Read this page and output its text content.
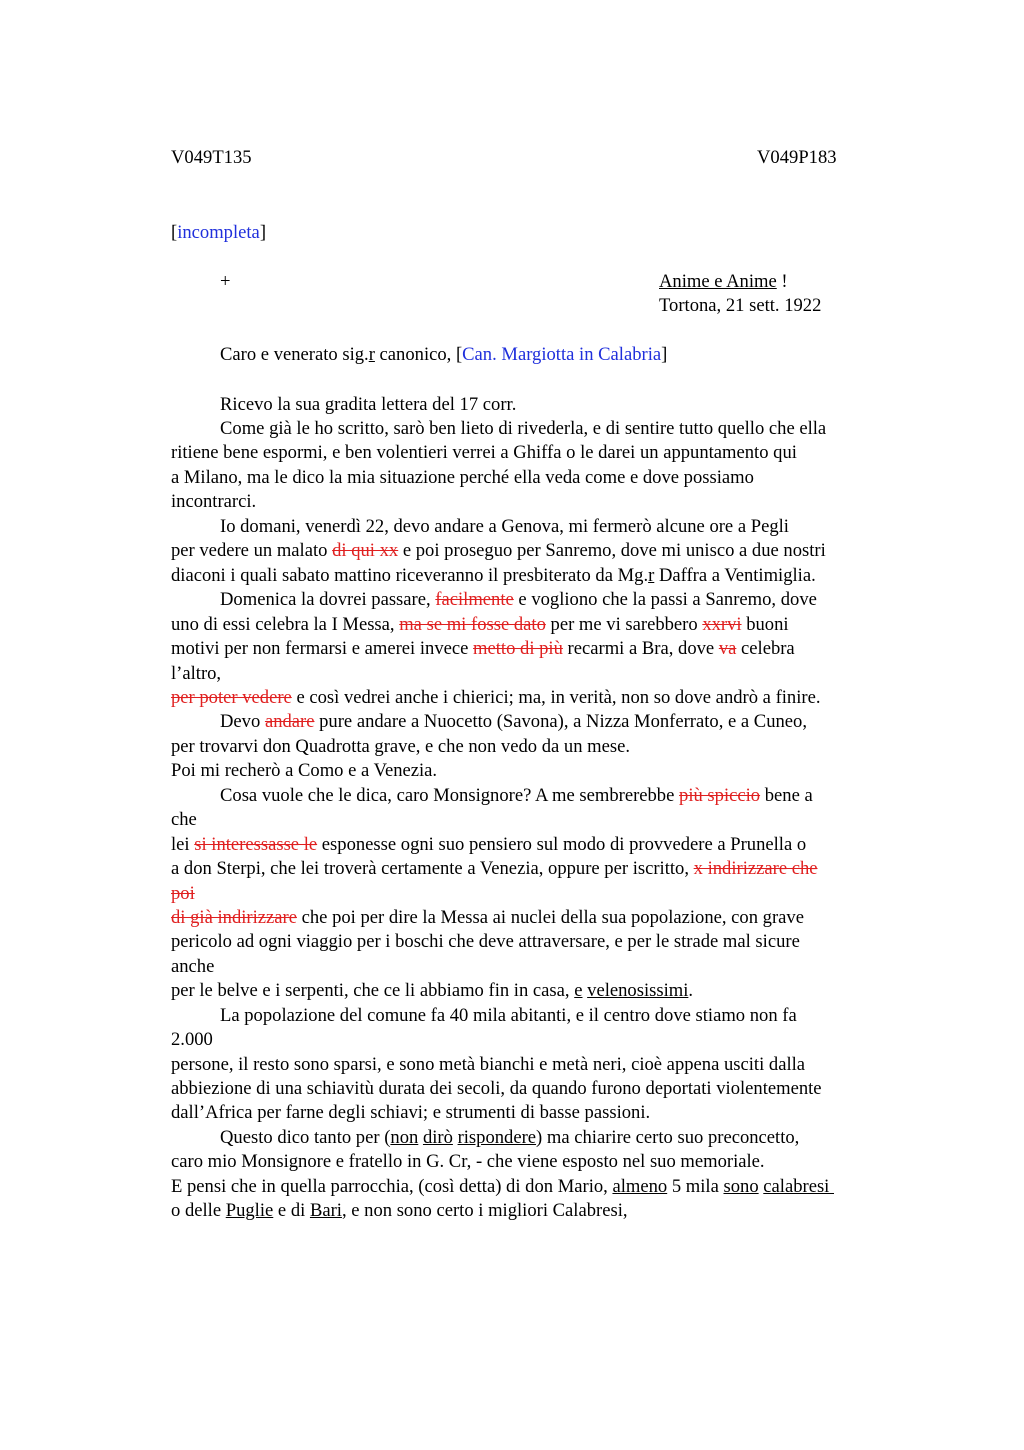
V049T135	V049P183
[incompleta]
+	Anime e Anime !
Tortona, 21 sett. 1922
Caro e venerato sig.r canonico, [Can. Margiotta in Calabria]
Ricevo la sua gradita lettera del 17 corr.
Come già le ho scritto, sarò ben lieto di rivederla, e di sentire tutto quello che ella
ritiene bene espormi, e ben volentieri verrei a Ghiffa o le darei un appuntamento qui
a Milano, ma le dico la mia situazione perché ella veda come e dove possiamo
incontrarci.
Io domani, venerdì 22, devo andare a Genova, mi fermerò alcune ore a Pegli
per vedere un malato di qui xx e poi proseguo per Sanremo, dove mi unisco a due nostri
diaconi i quali sabato mattino riceveranno il presbiterato da Mg.r Daffra a Ventimiglia.
Domenica la dovrei passare, facilmente e vogliono che la passi a Sanremo, dove
uno di essi celebra la I Messa, ma se mi fosse dato per me vi sarebbero xxrvi buoni
motivi per non fermarsi e amerei invece metto di più recarmi a Bra, dove va celebra
l’altro,
per poter vedere e così vedrei anche i chierici; ma, in verità, non so dove andrò a finire.
Devo andare pure andare a Nuocetto (Savona), a Nizza Monferrato, e a Cuneo,
per trovarvi don Quadrotta grave, e che non vedo da un mese.
Poi mi recherò a Como e a Venezia.
Cosa vuole che le dica, caro Monsignore? A me sembrerebbe più spiccio bene a
che
lei si interessasse le esponesse ogni suo pensiero sul modo di provvedere a Prunella o
a don Sterpi, che lei troverà certamente a Venezia, oppure per iscritto, x indirizzare che
poi
di già indirizzare che poi per dire la Messa ai nuclei della sua popolazione, con grave
pericolo ad ogni viaggio per i boschi che deve attraversare, e per le strade mal sicure
anche
per le belve e i serpenti, che ce li abbiamo fin in casa, e velenosissimi.
La popolazione del comune fa 40 mila abitanti, e il centro dove stiamo non fa
2.000
persone, il resto sono sparsi, e sono metà bianchi e metà neri, cioè appena usciti dalla
abbiezione di una schiavitù durata dei secoli, da quando furono deportati violentemente
dall’Africa per farne degli schiavi; e strumenti di basse passioni.
Questo dico tanto per (non dirò rispondere) ma chiarire certo suo preconcetto,
caro mio Monsignore e fratello in G. Cr, - che viene esposto nel suo memoriale.
E pensi che in quella parrocchia, (così detta) di don Mario, almeno 5 mila sono calabresi
o delle Puglie e di Bari, e non sono certo i migliori Calabresi,
